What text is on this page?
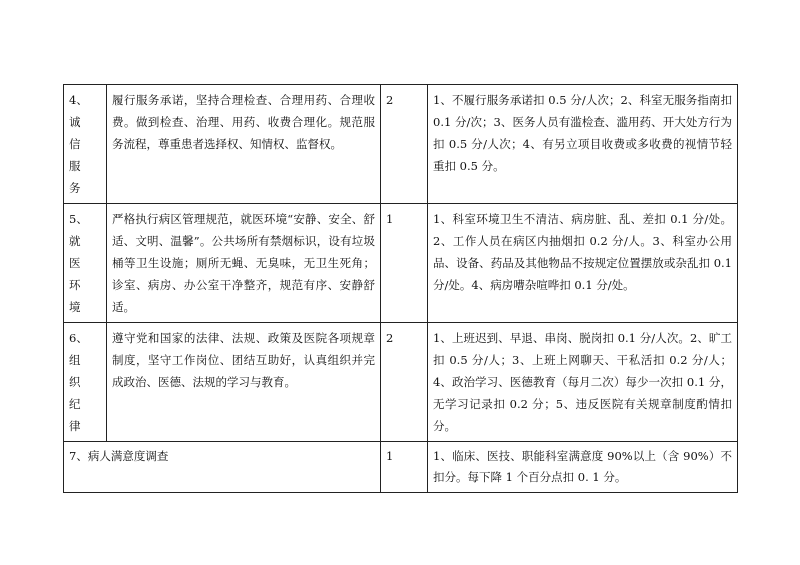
4、
诚 信
服 务	履行服务承诺，坚持合理检查、合理用药、合理收费。做到检查、治理、用药、收费合理化。规范服务流程，尊重患者选择权、知情权、监督权。	2	1、不履行服务承诺扣 0.5 分/人次；2、科室无服务指南扣 0.1 分/次；3、医务人员有滥检查、滥用药、开大处方行为扣 0.5 分/人次；4、有另立项目收费或多收费的视情节轻重扣 0.5 分。

5、
就 医
环 境	严格执行病区管理规范，就医环境“安静、安全、舒适、文明、温馨”。公共场所有禁烟标识，设有垃圾桶等卫生设施；厕所无蝇、无臭味，无卫生死角；诊室、病房、办公室干净整齐，规范有序、安静舒适。	1	1、科室环境卫生不清洁、病房脏、乱、差扣 0.1 分/处。2、工作人员在病区内抽烟扣 0.2 分/人。3、科室办公用品、设备、药品及其他物品不按规定位置摆放或杂乱扣 0.1 分/处。4、病房嘈杂喧哗扣 0.1 分/处。

6、
组 织
纪 律	遵守党和国家的法律、法规、政策及医院各项规章制度，坚守工作岗位、团结互助好，认真组织并完成政治、医德、法规的学习与教育。	2	1、上班迟到、早退、串岗、脱岗扣 0.1 分/人次。2、旷工扣 0.5 分/人；3、上班上网聊天、干私活扣 0.2 分/人；4、政治学习、医德教育（每月二次）每少一次扣 0.1 分，无学习记录扣 0.2 分；5、违反医院有关规章制度酌情扣分。
7、病人满意度调查		1	1、临床、医技、职能科室满意度 90%以上（含 90%）不扣分。每下降 1 个百分点扣 0. 1 分。
